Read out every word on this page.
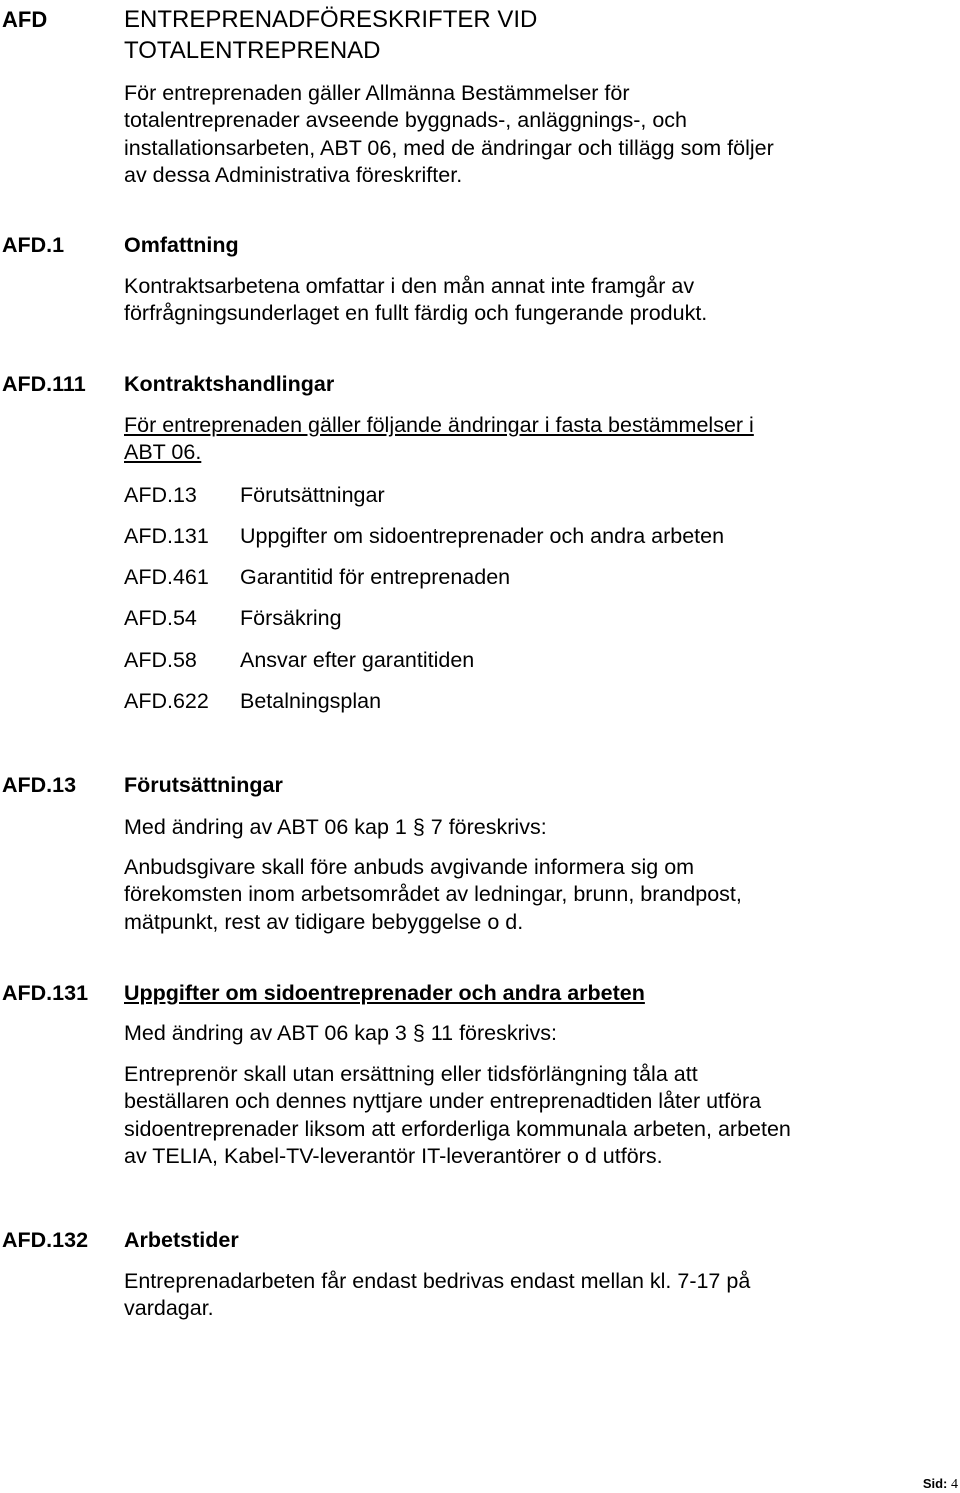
AFD	ENTREPRENADFÖRESKRIFTER VID

TOTALENTREPRENAD

För entreprenaden gäller Allmänna Bestämmelser för

totalentreprenader avseende byggnads-, anläggnings-, och

installationsarbeten, ABT 06, med de ändringar och tillägg som följer

av dessa Administrativa föreskrifter.

AFD.1	Omfattning

Kontraktsarbetena omfattar i den mån annat inte framgår av

förfrågningsunderlaget en fullt färdig och fungerande produkt.

AFD.111 Kontraktshandlingar

För entreprenaden gäller följande ändringar i fasta bestämmelser i

ABT 06.

AFD.13 Förutsättningar
AFD.131 Uppgifter om sidoentreprenader och andra arbeten
AFD.461 Garantitid för entreprenaden
AFD.54 Försäkring
AFD.58 Ansvar efter garantitiden
AFD.622 Betalningsplan
AFD.13 Förutsättningar

Med ändring av ABT 06 kap 1 § 7 föreskrivs:

Anbudsgivare skall före anbuds avgivande informera sig om

förekomsten inom arbetsområdet av ledningar, brunn, brandpost,

mätpunkt, rest av tidigare bebyggelse o d.

AFD.131 Uppgifter om sidoentreprenader och andra arbeten

Med ändring av ABT 06 kap 3 § 11 föreskrivs:

Entreprenör skall utan ersättning eller tidsförlängning tåla att

beställaren och dennes nyttjare under entreprenadtiden låter utföra

sidoentreprenader liksom att erforderliga kommunala arbeten, arbeten

av TELIA, Kabel-TV-leverantör IT-leverantörer o d utförs.

AFD.132 Arbetstider

Entreprenadarbeten får endast bedrivas endast mellan kl. 7-17 på

vardagar.

Sid: 4
